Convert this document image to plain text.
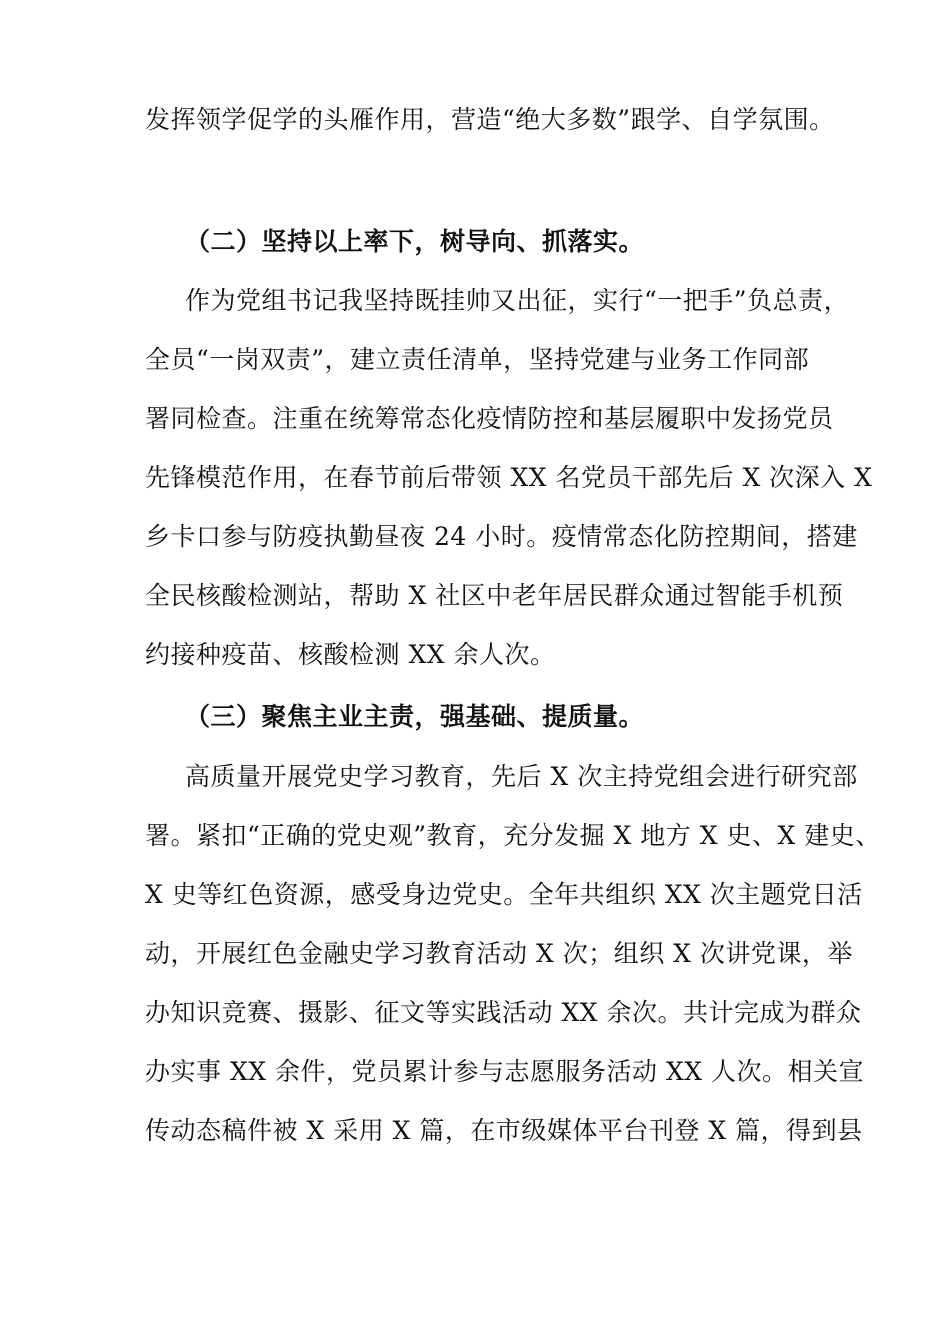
发挥领学促学的头雁作用，营造“绝大多数”跟学、自学氛围。
（二）坚持以上率下，树导向、抓落实。
作为党组书记我坚持既挂帅又出征，实行“一把手”负总责，
全员“一岗双责”，建立责任清单，坚持党建与业务工作同部
署同检查。注重在统筹常态化疫情防控和基层履职中发扬党员
先锋模范作用，在春节前后带领 XX 名党员干部先后 X 次深入 X
乡卡口参与防疫执勤昼夜 24 小时。疫情常态化防控期间，搭建
全民核酸检测站，帮助 X 社区中老年居民群众通过智能手机预
约接种疫苗、核酸检测 XX 余人次。
（三）聚焦主业主责，强基础、提质量。
高质量开展党史学习教育，先后 X 次主持党组会进行研究部
署。紧扣“正确的党史观”教育，充分发掘 X 地方 X 史、X 建史、
X 史等红色资源，感受身边党史。全年共组织 XX 次主题党日活
动，开展红色金融史学习教育活动 X 次；组织 X 次讲党课，举
办知识竞赛、摄影、征文等实践活动 XX 余次。共计完成为群众
办实事 XX 余件，党员累计参与志愿服务活动 XX 人次。相关宣
传动态稿件被 X 采用 X 篇，在市级媒体平台刊登 X 篇，得到县
